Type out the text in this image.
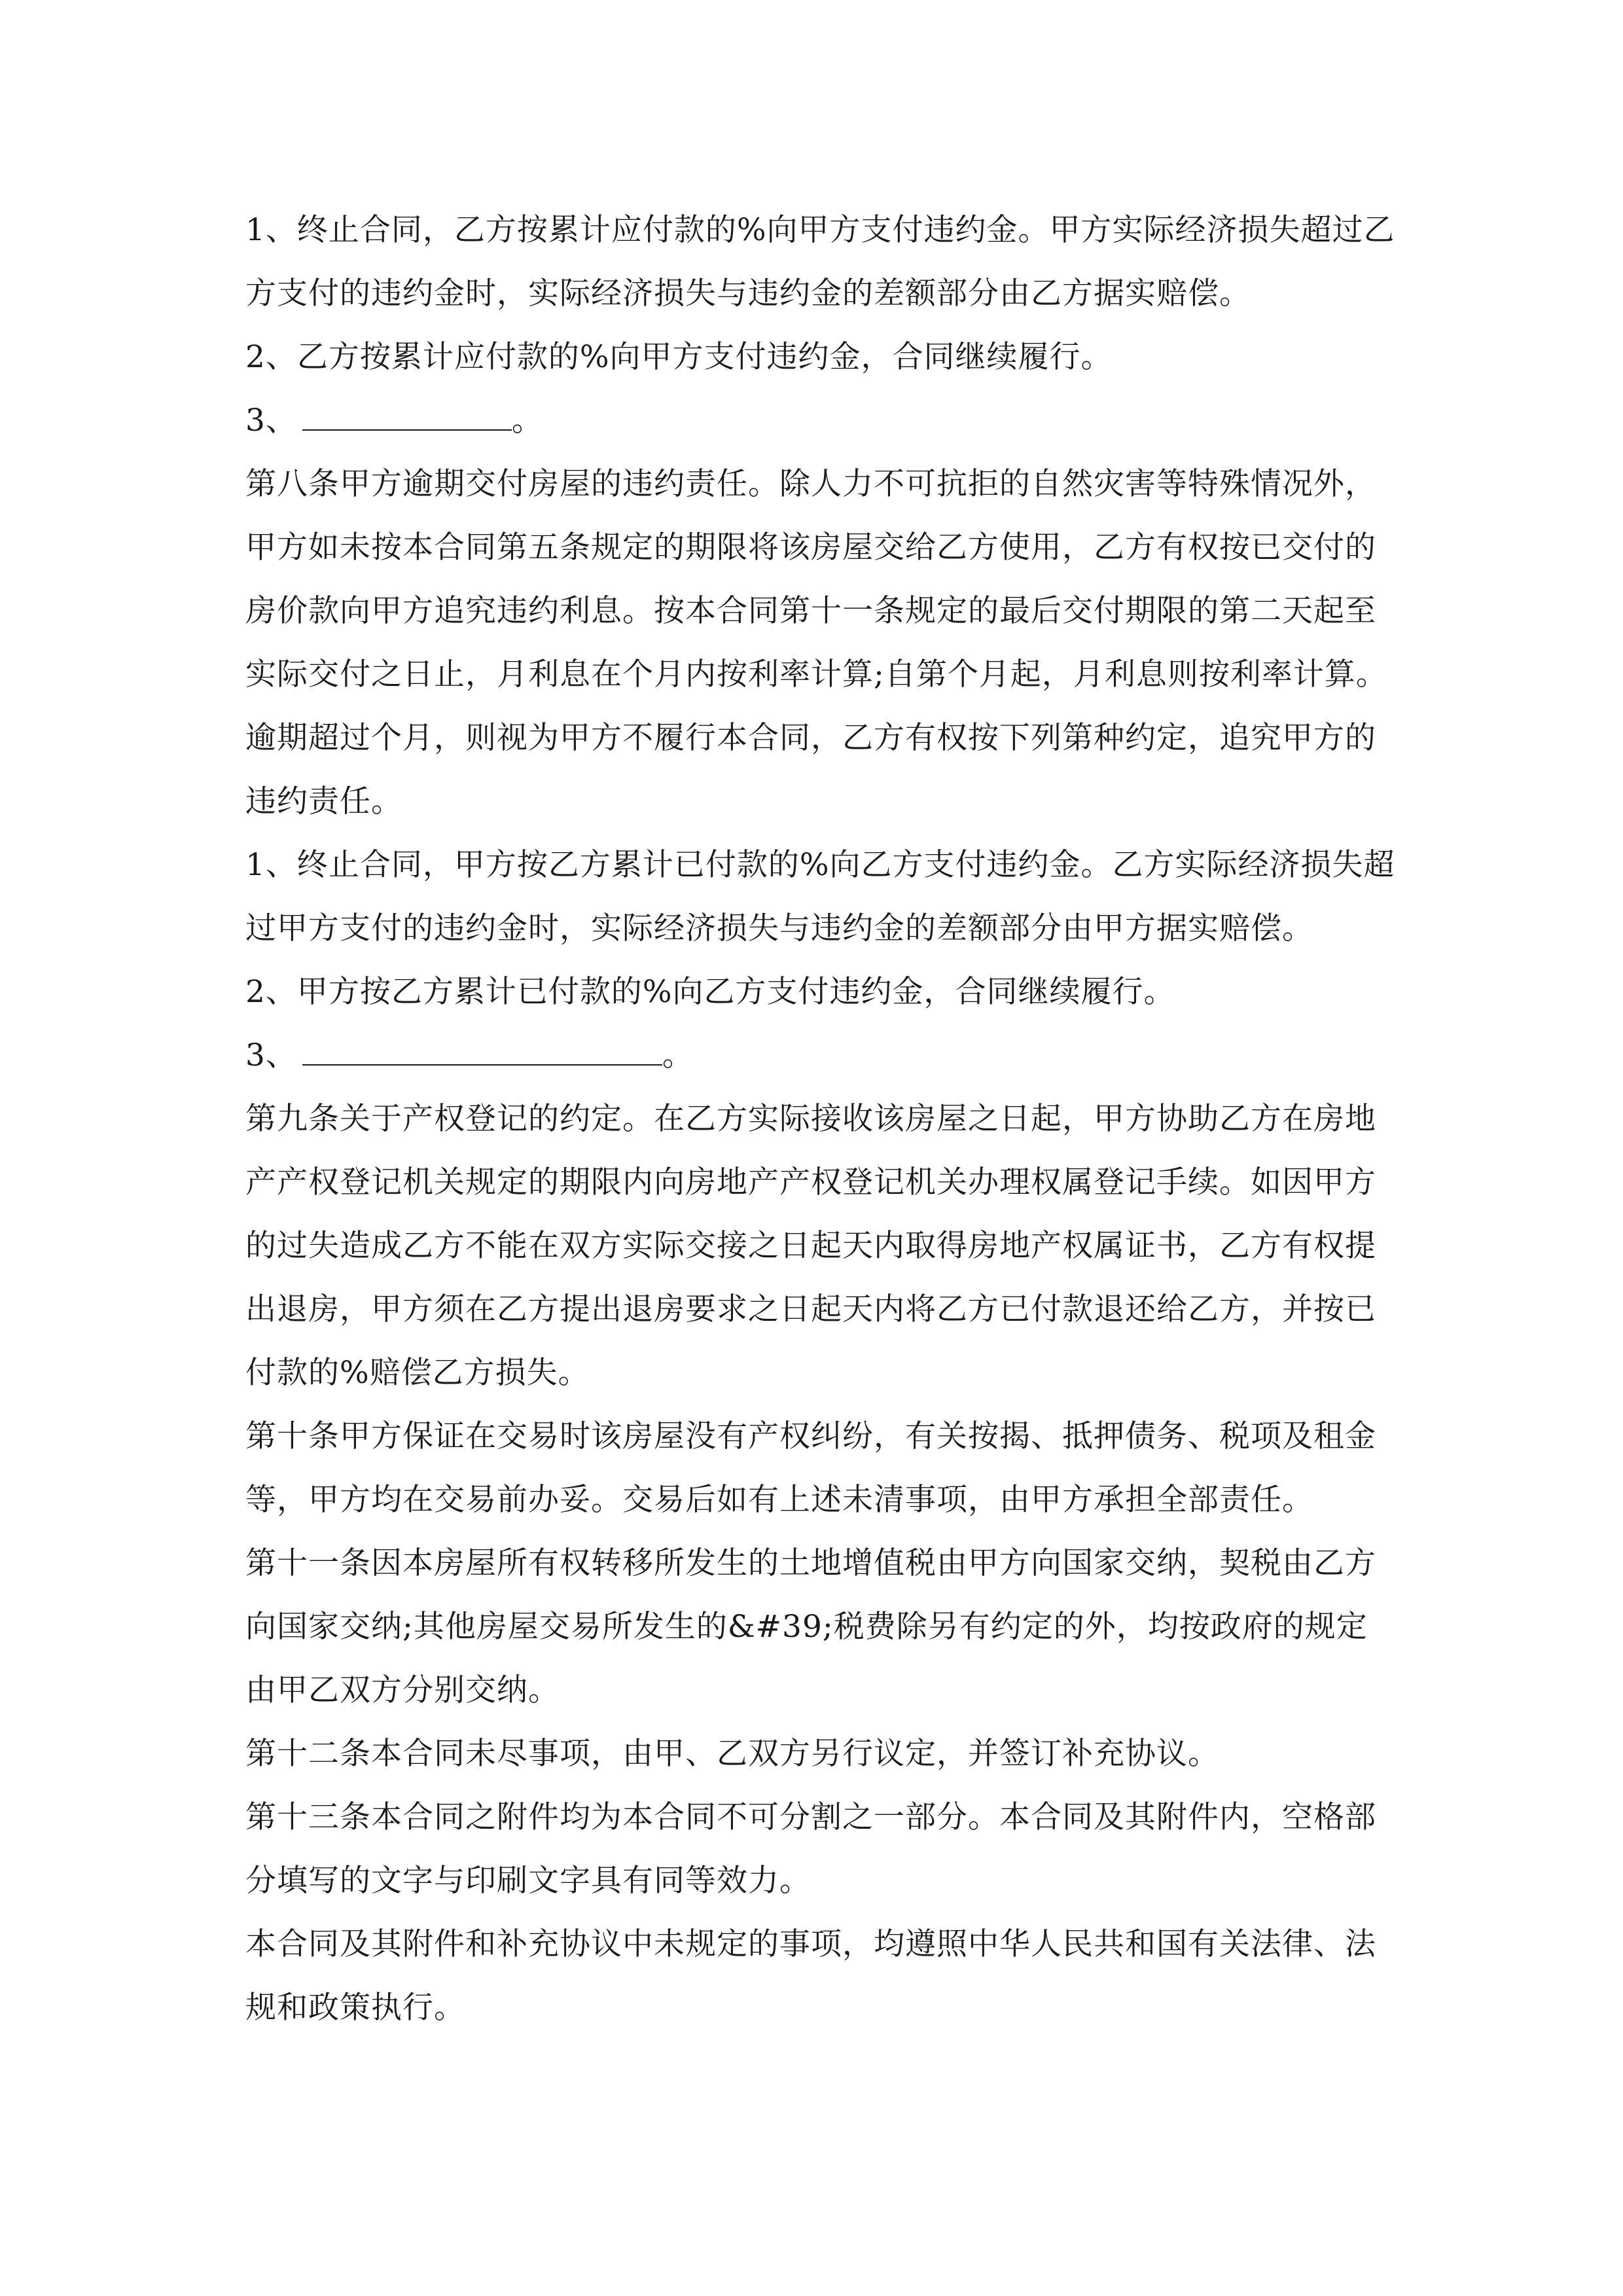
1、终止合同，乙方按累计应付款的%向甲方支付违约金。甲方实际经济损失超过乙方支付的违约金时，实际经济损失与违约金的差额部分由乙方据实赔偿。

2、乙方按累计应付款的%向甲方支付违约金，合同继续履行。

3、	。

第八条甲方逾期交付房屋的违约责任。除人力不可抗拒的自然灾害等特殊情况外，甲方如未按本合同第五条规定的期限将该房屋交给乙方使用，乙方有权按已交付的房价款向甲方追究违约利息。按本合同第十一条规定的最后交付期限的第二天起至实际交付之日止，月利息在个月内按利率计算;自第个月起，月利息则按利率计算。逾期超过个月，则视为甲方不履行本合同，乙方有权按下列第种约定，追究甲方的违约责任。

1、终止合同，甲方按乙方累计已付款的%向乙方支付违约金。乙方实际经济损失超过甲方支付的违约金时，实际经济损失与违约金的差额部分由甲方据实赔偿。

2、甲方按乙方累计已付款的%向乙方支付违约金，合同继续履行。

3、	。

第九条关于产权登记的约定。在乙方实际接收该房屋之日起，甲方协助乙方在房地产产权登记机关规定的期限内向房地产产权登记机关办理权属登记手续。如因甲方的过失造成乙方不能在双方实际交接之日起天内取得房地产权属证书，乙方有权提出退房，甲方须在乙方提出退房要求之日起天内将乙方已付款退还给乙方，并按已付款的%赔偿乙方损失。

第十条甲方保证在交易时该房屋没有产权纠纷，有关按揭、抵押债务、税项及租金等，甲方均在交易前办妥。交易后如有上述未清事项，由甲方承担全部责任。

第十一条因本房屋所有权转移所发生的土地增值税由甲方向国家交纳，契税由乙方向国家交纳;其他房屋交易所发生的&#39;税费除另有约定的外，均按政府的规定由甲乙双方分别交纳。

第十二条本合同未尽事项，由甲、乙双方另行议定，并签订补充协议。

第十三条本合同之附件均为本合同不可分割之一部分。本合同及其附件内，空格部分填写的文字与印刷文字具有同等效力。

本合同及其附件和补充协议中未规定的事项，均遵照中华人民共和国有关法律、法规和政策执行。
